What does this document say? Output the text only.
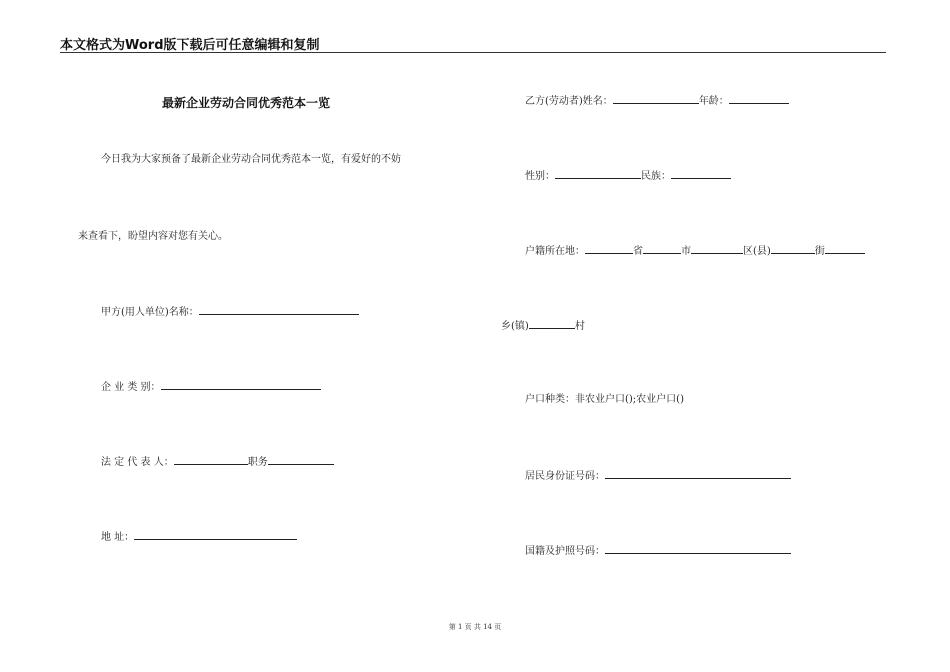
本文格式为Word版下载后可任意编辑和复制
最新企业劳动合同优秀范本一览
今日我为大家预备了最新企业劳动合同优秀范本一览，有爱好的不妨
来查看下，盼望内容对您有关心。
甲方(用人单位)名称：
企 业 类 别：
法 定 代 表 人：	职务
地 址：
乙方(劳动者)姓名：	年龄：
性别：	民族：
户籍所在地：	省	市	区(县)	街
乡(镇)	村
户口种类：非农业户口();农业户口()
居民身份证号码：
国籍及护照号码：
第 1 页 共 14 页
